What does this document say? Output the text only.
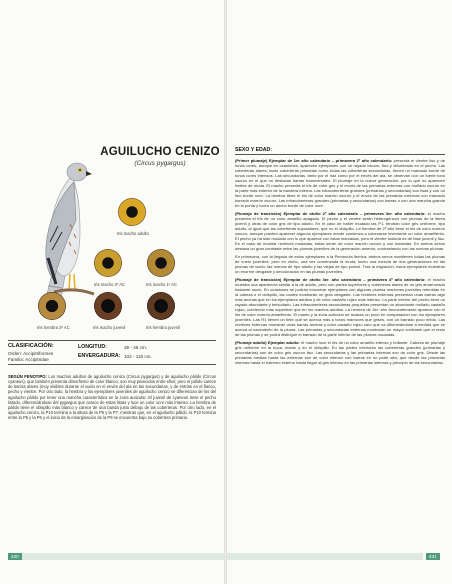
AGUILUCHO CENIZO
(Circus pygargus)
Iris macho adulto
Iris macho 2º AC	Iris macho 1º AC
Iris hembra 3º AC	Iris macho juvenil	Iris hembra juvenil
CLASIFICACIÓN:
Orden: Accipitriformes
Familia: Accipitridae
LONGITUD:	39 - 46 cm.
ENVERGADURA: 102 - 116 cm.
SEGÚN FENOTIPO: Los machos adultos de aguilucho cenizo (Circus pygargus) y de aguilucho pálido (Circus cyaneus), que también presenta dimorfismo de color blanco, son muy parecidos entre ellos; pero el pálido carece de barras alares (muy visibles durante el vuelo en el envés del ala en las secundarias, y de estrías en el flanco, pecho y vientre. Por otro lado, la hembra y los ejemplares juveniles de aguilucho cenizo se diferencian de los del aguilucho pálido por tener una mancha característica en la zona auricular. El juvenil de cyaneus tiene el pecho listado, diferenciándose del pygargus que carece de estas listas y luce un color ocre más intenso. La hembra de pálido tiene el obispillo más blanco y carece de una banda justo debajo de las coberteras. Por otro lado, en el aguilucho cenizo, la P10 termina a la altura de la P6 y la P7, mientras que, en el aguilucho pálido, la P10 termina entre la P5 y la P6 y el inicio de la emarginación de la P9 se encuentra bajo su cobertera primaria.
430
SEXO Y EDAD:

(Primer plumaje) Ejemplar de 1er año calendario – primavera 2º año calendario: presenta el vientre liso y de tonos ocres, aunque en ocasiones, aparecen ejemplares con un rayado oscuro, fino y difuminado en el pecho. Las coberteras alares, tanto coberteras primarias como todas las coberteras secundarias, tienen un marcado borde de tonos ocres intensos. Las secundarias, tanto por el haz como por el envés del ala, se observan con un fuerte tono oscuro en el que no destacan barras transversales. El plumaje en la nueva generación, por lo que no aparecen límites de muda. El macho presenta el iris de color gris y el envés de las primarias externas con mollado oscuro en la parte más exterior de la bandera interna. Las infracoberteras grandes (primarias y secundarias) son lisas y con un fino borde ocre. La hembra tiene el iris de color marrón oscuro y el envés de las primarias externas con marcado barrado marrón oscuro. Las infracoberteras grandes (primarias y secundarias) con barras o con una mancha grande en la punta y lucen un ancho borde de color ocre.

(Plumaje de transición) Ejemplar de otoño 2º año calendario – primavera 3er. año calendario: el macho presenta el iris de un color amarillo apagado. El pecho y el vientre serán heterogéneos con plumas de la librea juvenil y otras de color gris de tipo adulto. En el caso de haber mudado las P1, tendrán color gris uniforme, tipo adulto, al igual que las coberteras supraalares, que no el obispillo. La hembra de 2º año tiene el iris de color marrón oscuro, aunque pueden aparecer algunos ejemplares donde comienza a colorearse levemente un color amarillento. El pecho ya ha sido mudado con lo que aparece con listas marcadas, pero el vientre todavía es de fase juvenil y liso. En el caso de mostrar rectrices mudadas, éstas serán de color marrón oscuro y con barradas. En ambos sexos destaca un gran contraste entre las plumas juveniles de la generación anterior, contrastando con las nuevas plumas.

En primavera, con la llegada de estos ejemplares a la Península Ibérica, ambos sexos mantienen todas las plumas de vuelo juveniles, pero en otoño, una vez comenzada la muda, lucen una mezcla de dos generaciones en las plumas de vuelo: las nuevas de tipo adulto y las viejas de tipo juvenil. Tras la migración, estos ejemplares muestran un enorme desgaste y decoloración en las plumas juveniles.

(Plumaje de transición) Ejemplar de otoño 3er. año calendario – primavera 4º año calendario: el macho muestra una apariencia similar a la de adulto, pero con partes superiores y coberteras alares de un gris amarronado bastante sucio. En ocasiones se podrán encontrar ejemplares con algunas plumas marrones juveniles retenidas en la cabeza o el obispillo, las cuales mostrarán un gran desgaste. Las rectrices externas presentan unas barras algo más anchas que en los ejemplares adultos y de color castaño rojizo más intenso. La parte inferior del pecho tiene un rayado abundante y beisodado. Las infracoberteras secundarias pequeñas presentan un abundante mollado castaño rojizo, cubriendo más superficie que en los machos adultos. La hembra de 3er. año frecuentemente aparece con el iris de color marrón-amarillento. El manto y la zona auricular se aclaran un poco en comparación con los ejemplares juveniles. Las R1 tienen un tinte que se acerca más a tonos marrones que grises, con un barrado poco nítido. Las rectrices externas muestran unas barras anchas y color castaño rojizo caro que va difuminándose a medida que se acerca al nacimiento de la pluma. Las primarias y secundarias externas mostrarán un mayor contraste que el resto de las plumas y se podrá distinguir el barrado de la parte inferior de las plumas mudadas.

(Plumaje adulto) Ejemplar adulto: el macho luce el iris de un color amarillo intenso y brillante. Cabeza de plumaje gris uniforme en la nuca, manto y en el obispillo. En las partes inferiores las coberteras grandes (primarias y secundarias) son de color gris oscuro liso. Las secundarias y las primarias internas son de color gris. Desde las primarias medias hasta las externas son de color intenso con barras en su parte alta, que desde las primarias internas hasta el extremo externo hasta llegar al gris intenso en las primarias internas y principio de las secundarias.

431
